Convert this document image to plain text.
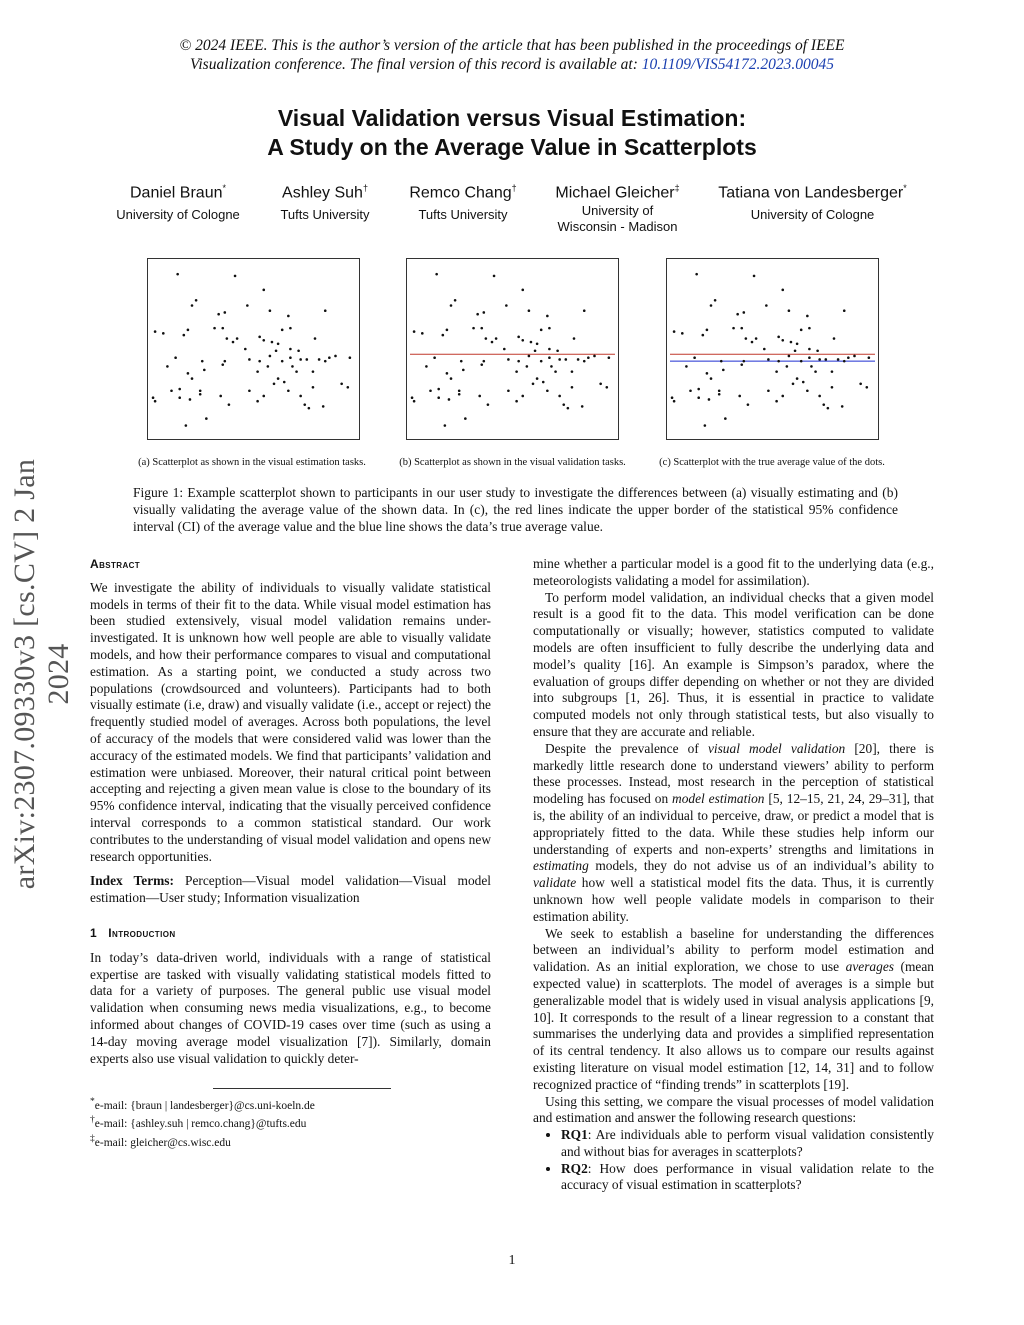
© 2024 IEEE. This is the author’s version of the article that has been published in the proceedings of IEEE
Visualization conference. The final version of this record is available at: 10.1109/VIS54172.2023.00045
Visual Validation versus Visual Estimation:
A Study on the Average Value in Scatterplots
Daniel Braun*
University of Cologne
Ashley Suh†
Tufts University
Remco Chang†
Tufts University
Michael Gleicher‡
University of
Wisconsin - Madison
Tatiana von Landesberger*
University of Cologne
arXiv:2307.09330v3 [cs.CV] 2 Jan 2024
(a) Scatterplot as shown in the visual estimation tasks.	(b) Scatterplot as shown in the visual validation tasks.	(c) Scatterplot with the true average value of the dots.
Figure 1: Example scatterplot shown to participants in our user study to investigate the differences between (a) visually estimating and (b) visually validating the average value of the shown data. In (c), the red lines indicate the upper border of the statistical 95% confidence interval (CI) of the average value and the blue line shows the data’s true average value.
Abstract

We investigate the ability of individuals to visually validate statistical models in terms of their fit to the data. While visual model estimation has been studied extensively, visual model validation remains under-investigated. It is unknown how well people are able to visually validate models, and how their performance compares to visual and computational estimation. As a starting point, we conducted a study across two populations (crowdsourced and volunteers). Participants had to both visually estimate (i.e, draw) and visually validate (i.e., accept or reject) the frequently studied model of averages. Across both populations, the level of accuracy of the models that were considered valid was lower than the accuracy of the estimated models. We find that participants’ validation and estimation were unbiased. Moreover, their natural critical point between accepting and rejecting a given mean value is close to the boundary of its 95% confidence interval, indicating that the visually perceived confidence interval corresponds to a common statistical standard. Our work contributes to the understanding of visual model validation and opens new research opportunities.

Index Terms: Perception—Visual model validation—Visual model estimation—User study; Information visualization

1 Introduction

In today’s data-driven world, individuals with a range of statistical expertise are tasked with visually validating statistical models fitted to data for a variety of purposes. The general public use visual model validation when consuming news media visualizations, e.g., to become informed about changes of COVID-19 cases over time (such as using a 14-day moving average model visualization [7]). Similarly, domain experts also use visual validation to quickly deter-

*e-mail: {braun | landesberger}@cs.uni-koeln.de
†e-mail: {ashley.suh | remco.chang}@tufts.edu
‡e-mail: gleicher@cs.wisc.edu

mine whether a particular model is a good fit to the underlying data (e.g., meteorologists validating a model for assimilation).

To perform model validation, an individual checks that a given model result is a good fit to the data. This model verification can be done computationally or visually; however, statistics computed to validate models are often insufficient to fully describe the underlying data and model’s quality [16]. An example is Simpson’s paradox, where the evaluation of groups differ depending on whether or not they are divided into subgroups [1, 26]. Thus, it is essential in practice to validate computed models not only through statistical tests, but also visually to ensure that they are accurate and reliable.

Despite the prevalence of visual model validation [20], there is markedly little research done to understand viewers’ ability to perform these processes. Instead, most research in the perception of statistical modeling has focused on model estimation [5, 12–15, 21, 24, 29–31], that is, the ability of an individual to perceive, draw, or predict a model that is appropriately fitted to the data. While these studies help inform our understanding of experts and non-experts’ strengths and limitations in estimating models, they do not advise us of an individual’s ability to validate how well a statistical model fits the data. Thus, it is currently unknown how well people validate models in comparison to their estimation ability.

We seek to establish a baseline for understanding the differences between an individual’s ability to perform model estimation and validation. As an initial exploration, we chose to use averages (mean expected value) in scatterplots. The model of averages is a simple but generalizable model that is widely used in visual analysis applications [9, 10]. It corresponds to the result of a linear regression to a constant that summarises the underlying data and provides a simplified representation of its central tendency. It also allows us to compare our results against existing literature on visual model estimation [12, 14, 31] and to follow recognized practice of “finding trends” in scatterplots [19].

Using this setting, we compare the visual processes of model validation and estimation and answer the following research questions:

• RQ1: Are individuals able to perform visual validation consistently and without bias for averages in scatterplots?
• RQ2: How does performance in visual validation relate to the accuracy of visual estimation in scatterplots?
1
